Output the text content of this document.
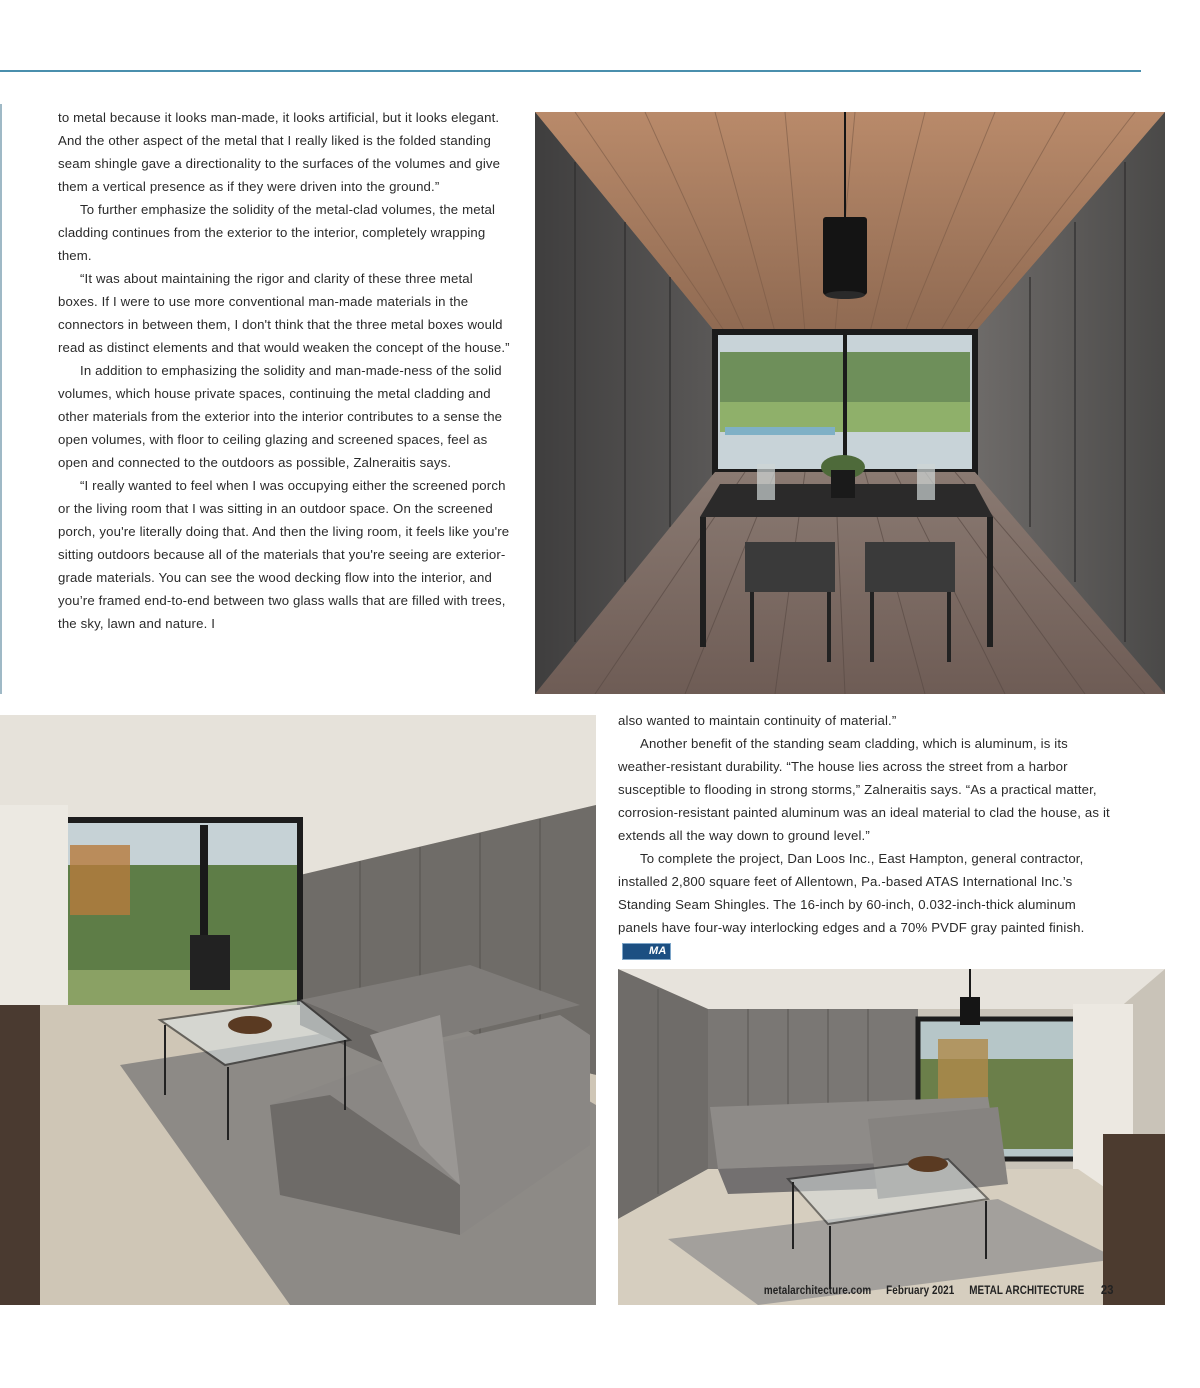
to metal because it looks man-made, it looks artificial, but it looks elegant. And the other aspect of the metal that I really liked is the folded standing seam shingle gave a directionality to the surfaces of the volumes and give them a vertical presence as if they were driven into the ground.”

To further emphasize the solidity of the metal-clad volumes, the metal cladding continues from the exterior to the interior, completely wrapping them.

“It was about maintaining the rigor and clarity of these three metal boxes. If I were to use more conventional man-made materials in the connectors in between them, I don't think that the three metal boxes would read as distinct elements and that would weaken the concept of the house.”

In addition to emphasizing the solidity and man-made-ness of the solid volumes, which house private spaces, continuing the metal cladding and other materials from the exterior into the interior contributes to a sense the open volumes, with floor to ceiling glazing and screened spaces, feel as open and connected to the outdoors as possible, Zalneraitis says.

“I really wanted to feel when I was occupying either the screened porch or the living room that I was sitting in an outdoor space. On the screened porch, you're literally doing that. And then the living room, it feels like you're sitting outdoors because all of the materials that you're seeing are exterior-grade materials. You can see the wood decking flow into the interior, and you’re framed end-to-end between two glass walls that are filled with trees, the sky, lawn and nature. I

also wanted to maintain continuity of material.”

Another benefit of the standing seam cladding, which is aluminum, is its weather-resistant durability. “The house lies across the street from a harbor susceptible to flooding in strong storms,” Zalneraitis says. “As a practical matter, corrosion-resistant painted aluminum was an ideal material to clad the house, as it extends all the way down to ground level.”

To complete the project, Dan Loos Inc., East Hampton, general contractor, installed 2,800 square feet of Allentown, Pa.-based ATAS International Inc.’s Standing Seam Shingles. The 16-inch by 60-inch, 0.032-inch-thick aluminum panels have four-way interlocking edges and a 70% PVDF gray painted finish.MA

metalarchitecture.com February 2021 METAL ARCHITECTURE 23
